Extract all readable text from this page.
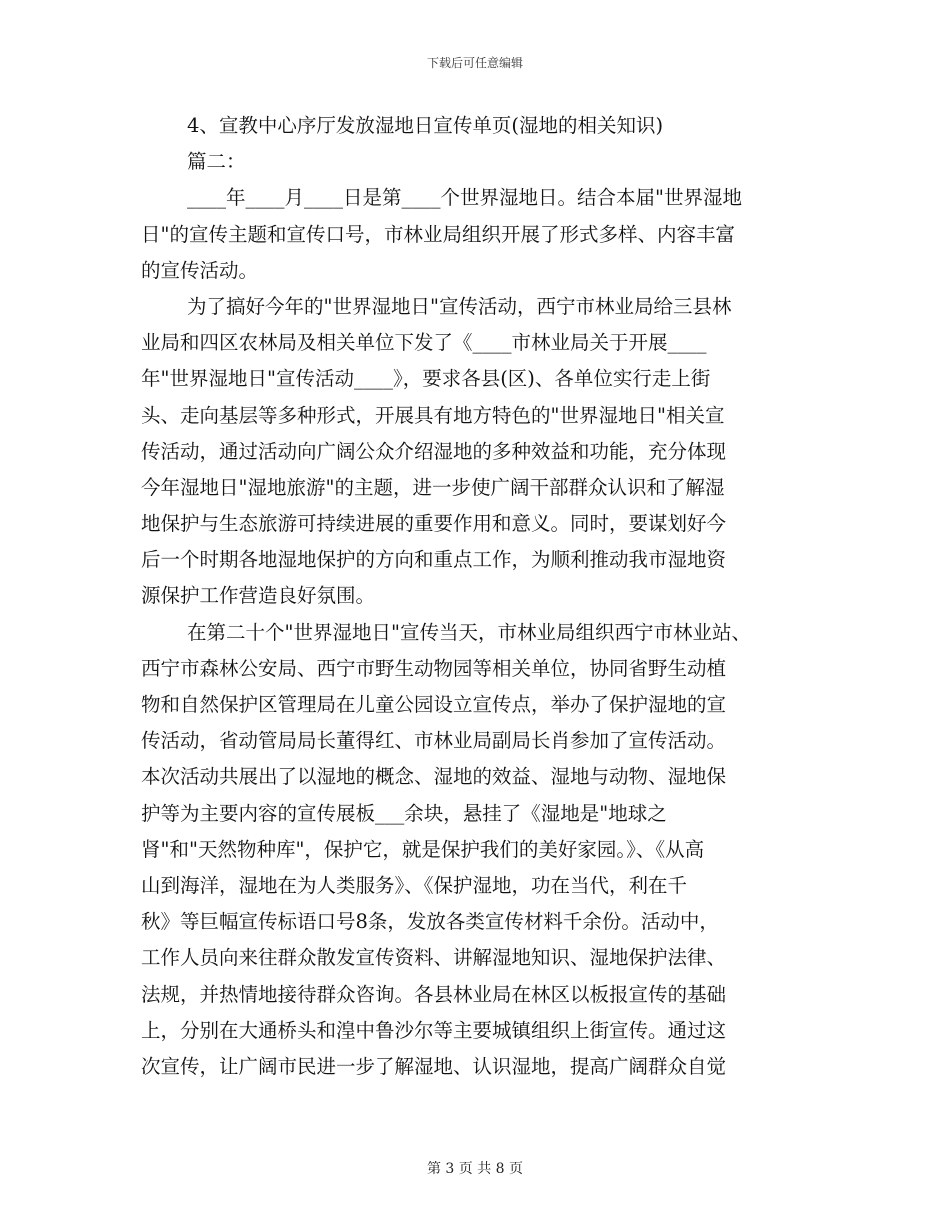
下载后可任意编辑
4、宣教中心序厅发放湿地日宣传单页(湿地的相关知识)
篇二：
____年____月____日是第____个世界湿地日。结合本届"世界湿地
日"的宣传主题和宣传口号，市林业局组织开展了形式多样、内容丰富
的宣传活动。
为了搞好今年的"世界湿地日"宣传活动，西宁市林业局给三县林
业局和四区农林局及相关单位下发了《____市林业局关于开展____
年"世界湿地日"宣传活动____》，要求各县(区)、各单位实行走上街
头、走向基层等多种形式，开展具有地方特色的"世界湿地日"相关宣
传活动，通过活动向广阔公众介绍湿地的多种效益和功能，充分体现
今年湿地日"湿地旅游"的主题，进一步使广阔干部群众认识和了解湿
地保护与生态旅游可持续进展的重要作用和意义。同时，要谋划好今
后一个时期各地湿地保护的方向和重点工作，为顺利推动我市湿地资
源保护工作营造良好氛围。
在第二十个"世界湿地日"宣传当天，市林业局组织西宁市林业站、
西宁市森林公安局、西宁市野生动物园等相关单位，协同省野生动植
物和自然保护区管理局在儿童公园设立宣传点，举办了保护湿地的宣
传活动，省动管局局长董得红、市林业局副局长肖参加了宣传活动。
本次活动共展出了以湿地的概念、湿地的效益、湿地与动物、湿地保
护等为主要内容的宣传展板___余块，悬挂了《湿地是"地球之
肾"和"天然物种库"，保护它，就是保护我们的美好家园。》、《从高
山到海洋，湿地在为人类服务》、《保护湿地，功在当代，利在千
秋》等巨幅宣传标语口号8条，发放各类宣传材料千余份。活动中，
工作人员向来往群众散发宣传资料、讲解湿地知识、湿地保护法律、
法规，并热情地接待群众咨询。各县林业局在林区以板报宣传的基础
上，分别在大通桥头和湟中鲁沙尔等主要城镇组织上街宣传。通过这
次宣传，让广阔市民进一步了解湿地、认识湿地，提高广阔群众自觉
第 3 页 共 8 页
